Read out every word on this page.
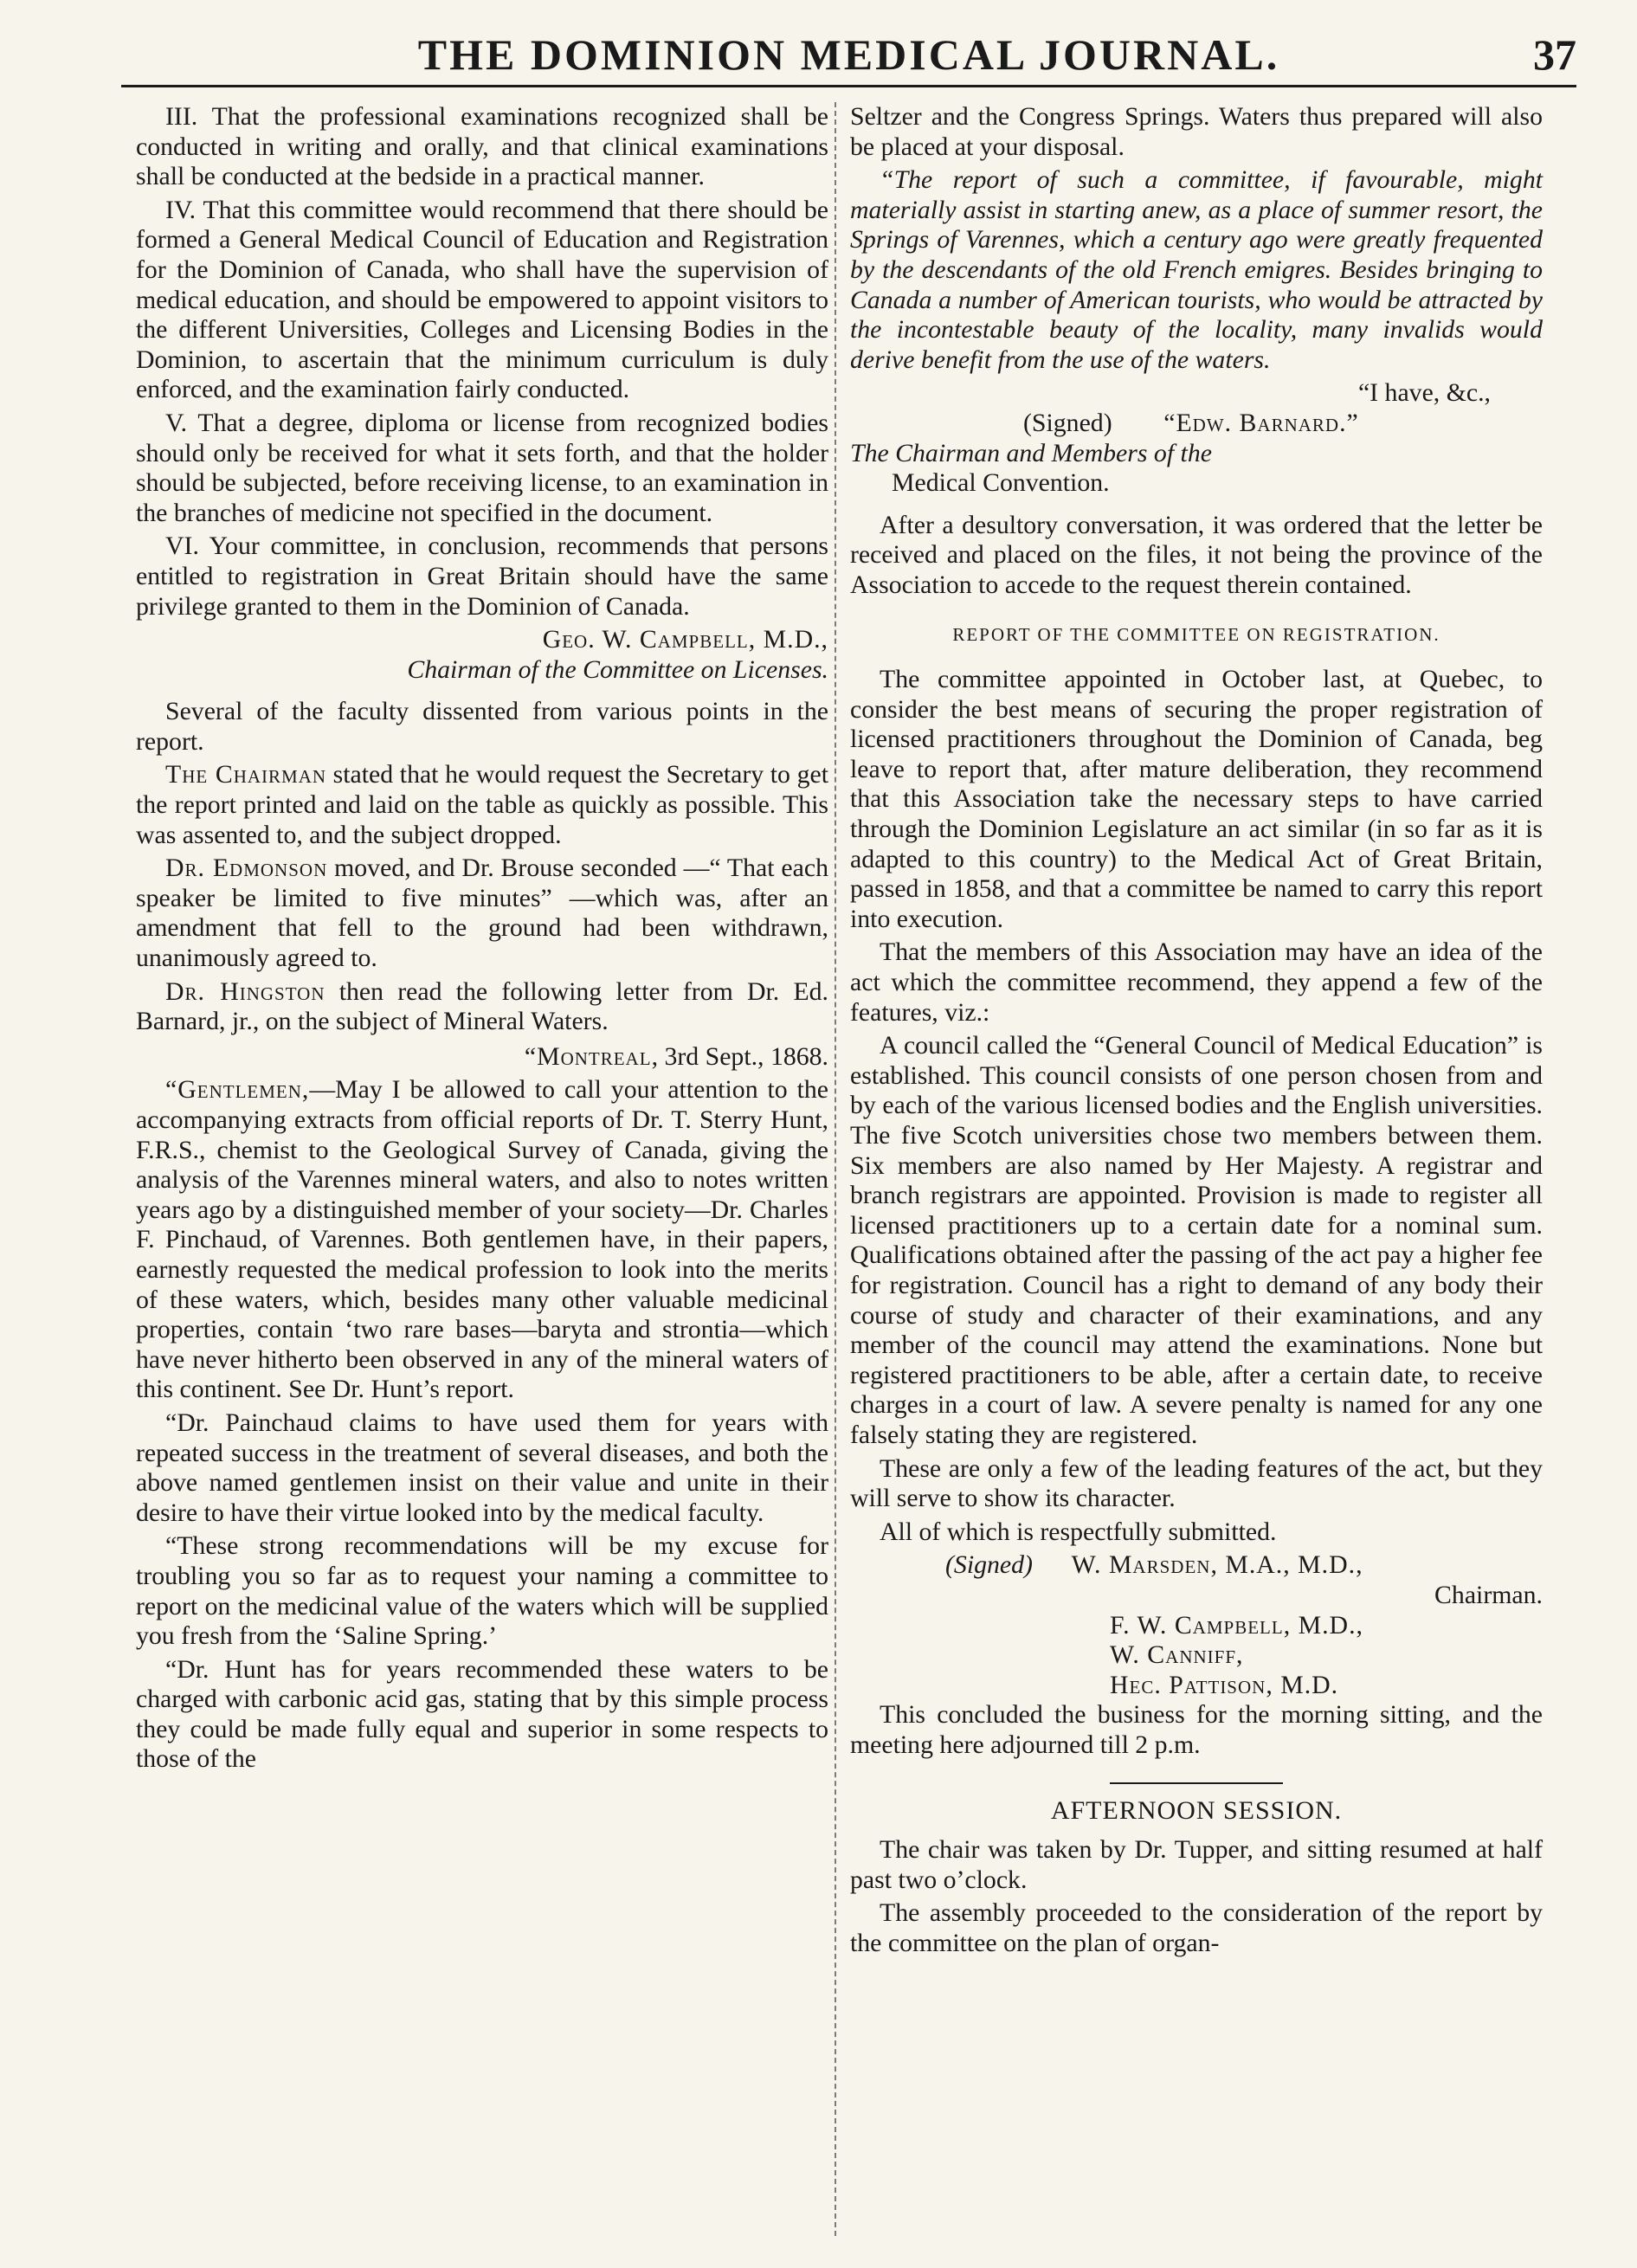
THE DOMINION MEDICAL JOURNAL.	37

III. That the professional examinations recognized shall be conducted in writing and orally, and that clinical examinations shall be conducted at the bedside in a practical manner.

IV. That this committee would recommend that there should be formed a General Medical Council of Education and Registration for the Dominion of Canada, who shall have the supervision of medical education, and should be empowered to appoint visitors to the different Universities, Colleges and Licensing Bodies in the Dominion, to ascertain that the minimum curriculum is duly enforced, and the examination fairly conducted.

V. That a degree, diploma or license from recognized bodies should only be received for what it sets forth, and that the holder should be subjected, before receiving license, to an examination in the branches of medicine not specified in the document.

VI. Your committee, in conclusion, recommends that persons entitled to registration in Great Britain should have the same privilege granted to them in the Dominion of Canada.

Geo. W. Campbell, M.D.,

Chairman of the Committee on Licenses.

Several of the faculty dissented from various points in the report.

The Chairman stated that he would request the Secretary to get the report printed and laid on the table as quickly as possible. This was assented to, and the subject dropped.

Dr. Edmonson moved, and Dr. Brouse seconded —“ That each speaker be limited to five minutes” —which was, after an amendment that fell to the ground had been withdrawn, unanimously agreed to.

Dr. Hingston then read the following letter from Dr. Ed. Barnard, jr., on the subject of Mineral Waters.

“Montreal, 3rd Sept., 1868.

“Gentlemen,—May I be allowed to call your attention to the accompanying extracts from official reports of Dr. T. Sterry Hunt, F.R.S., chemist to the Geological Survey of Canada, giving the analysis of the Varennes mineral waters, and also to notes written years ago by a distinguished member of your society—Dr. Charles F. Pinchaud, of Varennes. Both gentlemen have, in their papers, earnestly requested the medical profession to look into the merits of these waters, which, besides many other valuable medicinal properties, contain ‘two rare bases—baryta and strontia—which have never hitherto been observed in any of the mineral waters of this continent. See Dr. Hunt’s report.

“Dr. Painchaud claims to have used them for years with repeated success in the treatment of several diseases, and both the above named gentlemen insist on their value and unite in their desire to have their virtue looked into by the medical faculty.

“These strong recommendations will be my excuse for troubling you so far as to request your naming a committee to report on the medicinal value of the waters which will be supplied you fresh from the ‘Saline Spring.’

“Dr. Hunt has for years recommended these waters to be charged with carbonic acid gas, stating that by this simple process they could be made fully equal and superior in some respects to those of the

Seltzer and the Congress Springs. Waters thus prepared will also be placed at your disposal.

“The report of such a committee, if favourable, might materially assist in starting anew, as a place of summer resort, the Springs of Varennes, which a century ago were greatly frequented by the descendants of the old French emigres. Besides bringing to Canada a number of American tourists, who would be attracted by the incontestable beauty of the locality, many invalids would derive benefit from the use of the waters.

“I have, &c.,

(Signed) “Edw. Barnard.”

The Chairman and Members of the

Medical Convention.

After a desultory conversation, it was ordered that the letter be received and placed on the files, it not being the province of the Association to accede to the request therein contained.

REPORT OF THE COMMITTEE ON REGISTRATION.

The committee appointed in October last, at Quebec, to consider the best means of securing the proper registration of licensed practitioners throughout the Dominion of Canada, beg leave to report that, after mature deliberation, they recommend that this Association take the necessary steps to have carried through the Dominion Legislature an act similar (in so far as it is adapted to this country) to the Medical Act of Great Britain, passed in 1858, and that a committee be named to carry this report into execution.

That the members of this Association may have an idea of the act which the committee recommend, they append a few of the features, viz.:

A council called the “General Council of Medical Education” is established. This council consists of one person chosen from and by each of the various licensed bodies and the English universities. The five Scotch universities chose two members between them. Six members are also named by Her Majesty. A registrar and branch registrars are appointed. Provision is made to register all licensed practitioners up to a certain date for a nominal sum. Qualifications obtained after the passing of the act pay a higher fee for registration. Council has a right to demand of any body their course of study and character of their examinations, and any member of the council may attend the examinations. None but registered practitioners to be able, after a certain date, to receive charges in a court of law. A severe penalty is named for any one falsely stating they are registered.

These are only a few of the leading features of the act, but they will serve to show its character.

All of which is respectfully submitted.

(Signed) W. Marsden, M.A., M.D.,

Chairman.

F. W. Campbell, M.D.,

W. Canniff,

Hec. Pattison, M.D.

This concluded the business for the morning sitting, and the meeting here adjourned till 2 p.m.

AFTERNOON SESSION.

The chair was taken by Dr. Tupper, and sitting resumed at half past two o’clock.

The assembly proceeded to the consideration of the report by the committee on the plan of organ-
